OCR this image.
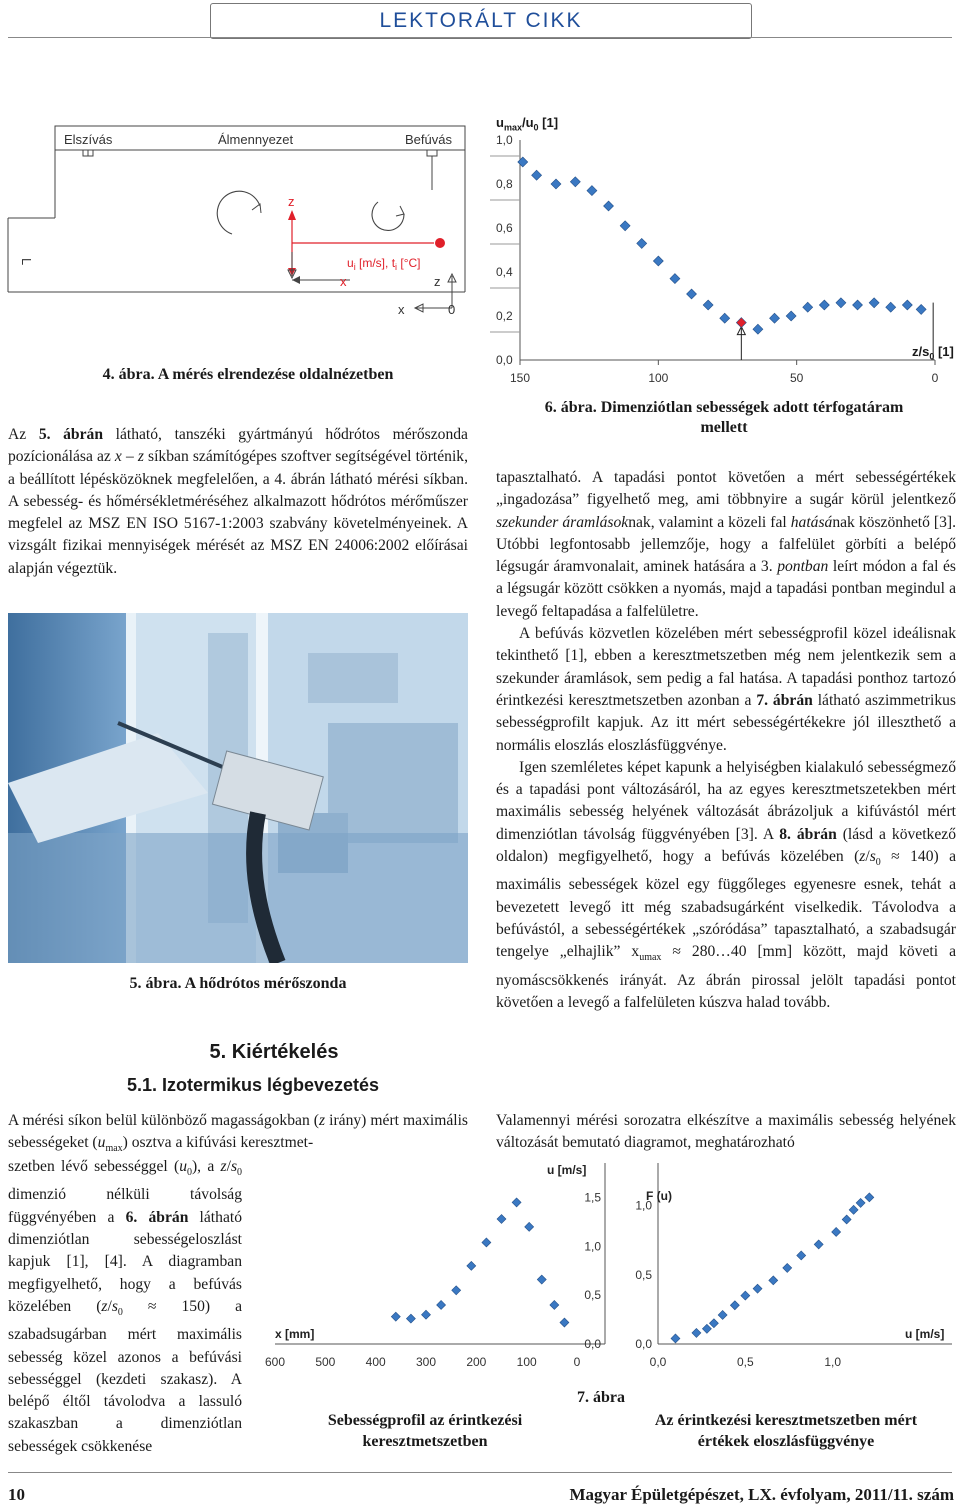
LEKTORÁLT CIKK
Elszívás	Álmennyezet	Befúvás
L
z
x
$u_i$ [m/s], $t_i$ [°C]
z
x	0
4. ábra. A mérés elrendezése oldalnézetben
$u_{max}/u_0$ [1]
$z/s_0$ [1]
0,0
0,2
0,4
0,6
0,8
1,0
150	100	50	0
6. ábra. Dimenziótlan sebességek adott térfogatáram
mellett

Az 5. ábrán látható, tanszéki gyártmányú hődrótos mérőszonda pozícionálása az x – z síkban számítógépes szoftver segítségével történik, a beállított lépésközöknek megfelelően, a 4. ábrán látható mérési síkban. A sebesség- és hőmérsékletméréséhez alkalmazott hődrótos mérőműszer megfelel az MSZ EN ISO 5167-1:2003 szabvány követelményeinek. A vizsgált fizikai mennyiségek mérését az MSZ EN 24006:2002 előírásai alapján végeztük.

5. ábra. A hődrótos mérőszonda
5. Kiértékelés
5.1. Izotermikus légbevezetés

A mérési síkon belül különböző magasságokban (z irány) mért maximális sebességeket $(u_{max})$ osztva a kifúvási keresztmet-

szetben lévő sebességgel $(u_0)$, a $z/s_0$ dimenzió nélküli távolság függvényében a 6. ábrán látható dimenziótlan sebességeloszlást kapjuk [1], [4]. A diagramban megfigyelhető, hogy a befúvás közelében $(z/s_0 \approx 150)$ a szabadsugárban mért maximális sebesség közel azonos a befúvási sebességgel (kezdeti szakasz). A belépő éltől távolodva a lassuló szakaszban a dimenziótlan sebességek csökkenése

tapasztalható. A tapadási pontot követően a mért sebességértékek „ingadozása” figyelhető meg, ami többnyire a sugár körül jelentkező szekunder áramlásoknak, valamint a közeli fal hatásának köszönhető [3]. Utóbbi legfontosabb jellemzője, hogy a falfelület görbíti a belépő légsugár áramvonalait, aminek hatására a 3. pontban leírt módon a fal és a légsugár között csökken a nyomás, majd a tapadási pontban megindul a levegő feltapadása a falfelületre.

A befúvás közvetlen közelében mért sebességprofil közel ideálisnak tekinthető [1], ebben a keresztmetszetben még nem jelentkezik sem a szekunder áramlások, sem pedig a fal hatása. A tapadási ponthoz tartozó érintkezési keresztmetszetben azonban a 7. ábrán látható aszimmetrikus sebességprofilt kapjuk. Az itt mért sebességértékekre jól illeszthető a normális eloszlás eloszlásfüggvénye.

Igen szemléletes képet kapunk a helyiségben kialakuló sebességmező és a tapadási pont változásáról, ha az egyes keresztmetszetekben mért maximális sebesség helyének változását ábrázoljuk a kifúvástól mért dimenziótlan távolság függvényében [3]. A 8. ábrán (lásd a következő oldalon) megfigyelhető, hogy a befúvás közelében $(z/s_0 \approx 140)$ a maximális sebességek közel egy függőleges egyenesre esnek, tehát a bevezetett levegő itt még szabadsugárként viselkedik. Távolodva a befúvástól, a sebességértékek „szóródása” tapasztalható, a szabadsugár tengelye „elhajlik” $x_{umax}$ ≈ 280…40 [mm] között, majd követi a nyomáscsökkenés irányát. Az ábrán pirossal jelölt tapadási pontot követően a levegő a falfelületen kúszva halad tovább.

Valamennyi mérési sorozatra elkészítve a maximális sebesség helyének változását bemutató diagramot, meghatározható
u [m/s]
x [mm]
0,0
0,5
1,0
1,5
600	500	400	300	200	100	0
F (u)
u [m/s]
0,0
0,5
1,0
0,0	0,5	1,0
7. ábra
Sebességprofil az érintkezési
keresztmetszetben
Az érintkezési keresztmetszetben mért
értékek eloszlásfüggvénye
10	Magyar Épületgépészet, LX. évfolyam, 2011/11. szám
